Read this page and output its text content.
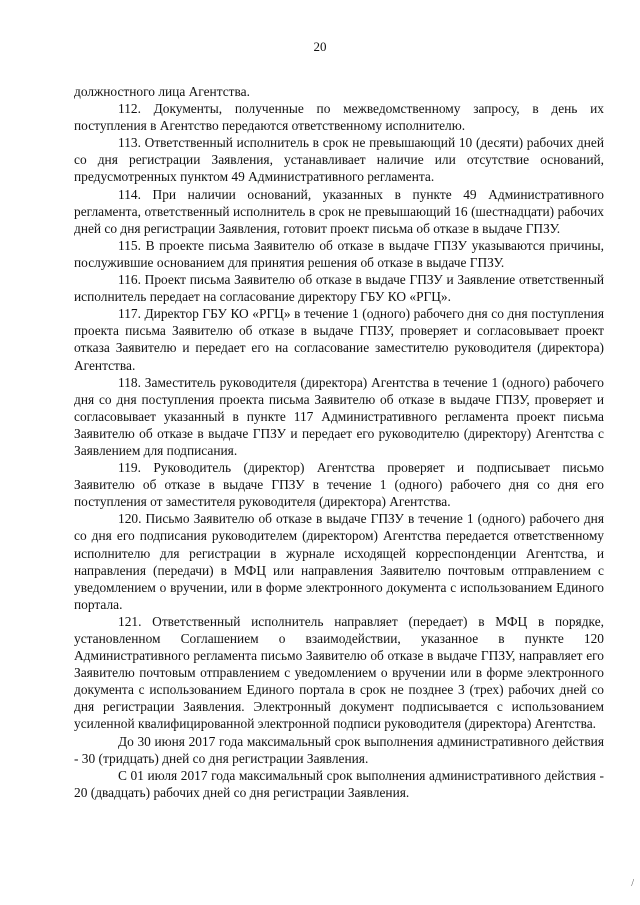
20

должностного лица Агентства.

112. Документы, полученные по межведомственному запросу, в день их поступления в Агентство передаются ответственному исполнителю.

113. Ответственный исполнитель в срок не превышающий 10 (десяти) рабочих дней со дня регистрации Заявления, устанавливает наличие или отсутствие оснований, предусмотренных пунктом 49 Административного регламента.

114. При наличии оснований, указанных в пункте 49 Административного регламента, ответственный исполнитель в срок не превышающий 16 (шестнадцати) рабочих дней со дня регистрации Заявления, готовит проект письма об отказе в выдаче ГПЗУ.

115. В проекте письма Заявителю об отказе в выдаче ГПЗУ указываются причины, послужившие основанием для принятия решения об отказе в выдаче ГПЗУ.

116. Проект письма Заявителю об отказе в выдаче ГПЗУ и Заявление ответственный исполнитель передает на согласование директору ГБУ КО «РГЦ».

117. Директор ГБУ КО «РГЦ» в течение 1 (одного) рабочего дня со дня поступления проекта письма Заявителю об отказе в выдаче ГПЗУ, проверяет и согласовывает проект отказа Заявителю и передает его на согласование заместителю руководителя (директора) Агентства.

118. Заместитель руководителя (директора) Агентства в течение 1 (одного) рабочего дня со дня поступления проекта письма Заявителю об отказе в выдаче ГПЗУ, проверяет и согласовывает указанный в пункте 117 Административного регламента проект письма Заявителю об отказе в выдаче ГПЗУ и передает его руководителю (директору) Агентства с Заявлением для подписания.

119. Руководитель (директор) Агентства проверяет и подписывает письмо Заявителю об отказе в выдаче ГПЗУ в течение 1 (одного) рабочего дня со дня его поступления от заместителя руководителя (директора) Агентства.

120. Письмо Заявителю об отказе в выдаче ГПЗУ в течение 1 (одного) рабочего дня со дня его подписания руководителем (директором) Агентства передается ответственному исполнителю для регистрации в журнале исходящей корреспонденции Агентства, и направления (передачи) в МФЦ или направления Заявителю почтовым отправлением с уведомлением о вручении, или в форме электронного документа с использованием Единого портала.

121. Ответственный исполнитель направляет (передает) в МФЦ в порядке, установленном Соглашением о взаимодействии, указанное в пункте 120 Административного регламента письмо Заявителю об отказе в выдаче ГПЗУ, направляет его Заявителю почтовым отправлением с уведомлением о вручении или в форме электронного документа с использованием Единого портала в срок не позднее 3 (трех) рабочих дней со дня регистрации Заявления. Электронный документ подписывается с использованием усиленной квалифицированной электронной подписи руководителя (директора) Агентства.

До 30 июня 2017 года максимальный срок выполнения административного действия - 30 (тридцать) дней со дня регистрации Заявления.

С 01 июля 2017 года максимальный срок выполнения административного действия - 20 (двадцать) рабочих дней со дня регистрации Заявления.

/
